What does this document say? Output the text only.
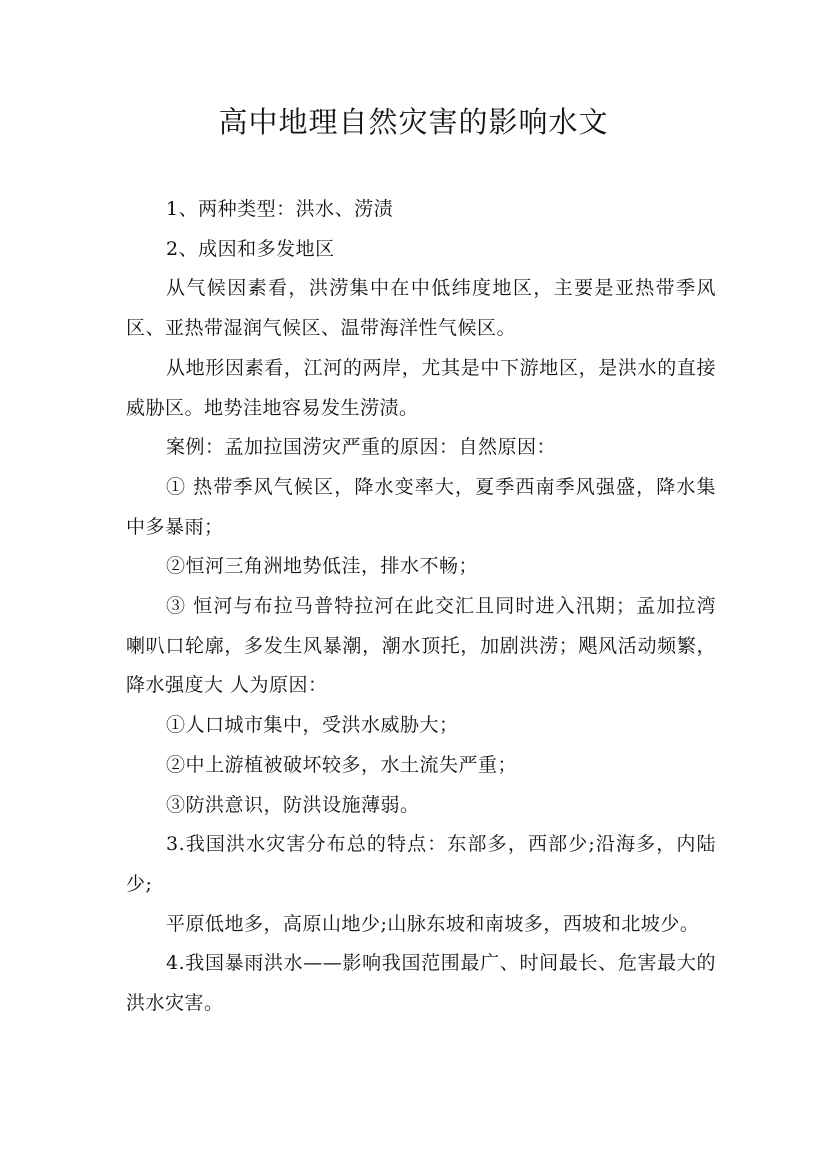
高中地理自然灾害的影响水文

1、两种类型：洪水、涝渍

2、成因和多发地区

从气候因素看，洪涝集中在中低纬度地区，主要是亚热带季风区、亚热带湿润气候区、温带海洋性气候区。

从地形因素看，江河的两岸，尤其是中下游地区，是洪水的直接威胁区。地势洼地容易发生涝渍。

案例：孟加拉国涝灾严重的原因：自然原因：

① 热带季风气候区，降水变率大，夏季西南季风强盛，降水集中多暴雨；

②恒河三角洲地势低洼，排水不畅；

③ 恒河与布拉马普特拉河在此交汇且同时进入汛期；孟加拉湾喇叭口轮廓，多发生风暴潮，潮水顶托，加剧洪涝；飓风活动频繁，降水强度大 人为原因：

①人口城市集中，受洪水威胁大；

②中上游植被破坏较多，水土流失严重；

③防洪意识，防洪设施薄弱。

3.我国洪水灾害分布总的特点：东部多，西部少;沿海多，内陆少;

平原低地多，高原山地少;山脉东坡和南坡多，西坡和北坡少。

4.我国暴雨洪水——影响我国范围最广、时间最长、危害最大的洪水灾害。
